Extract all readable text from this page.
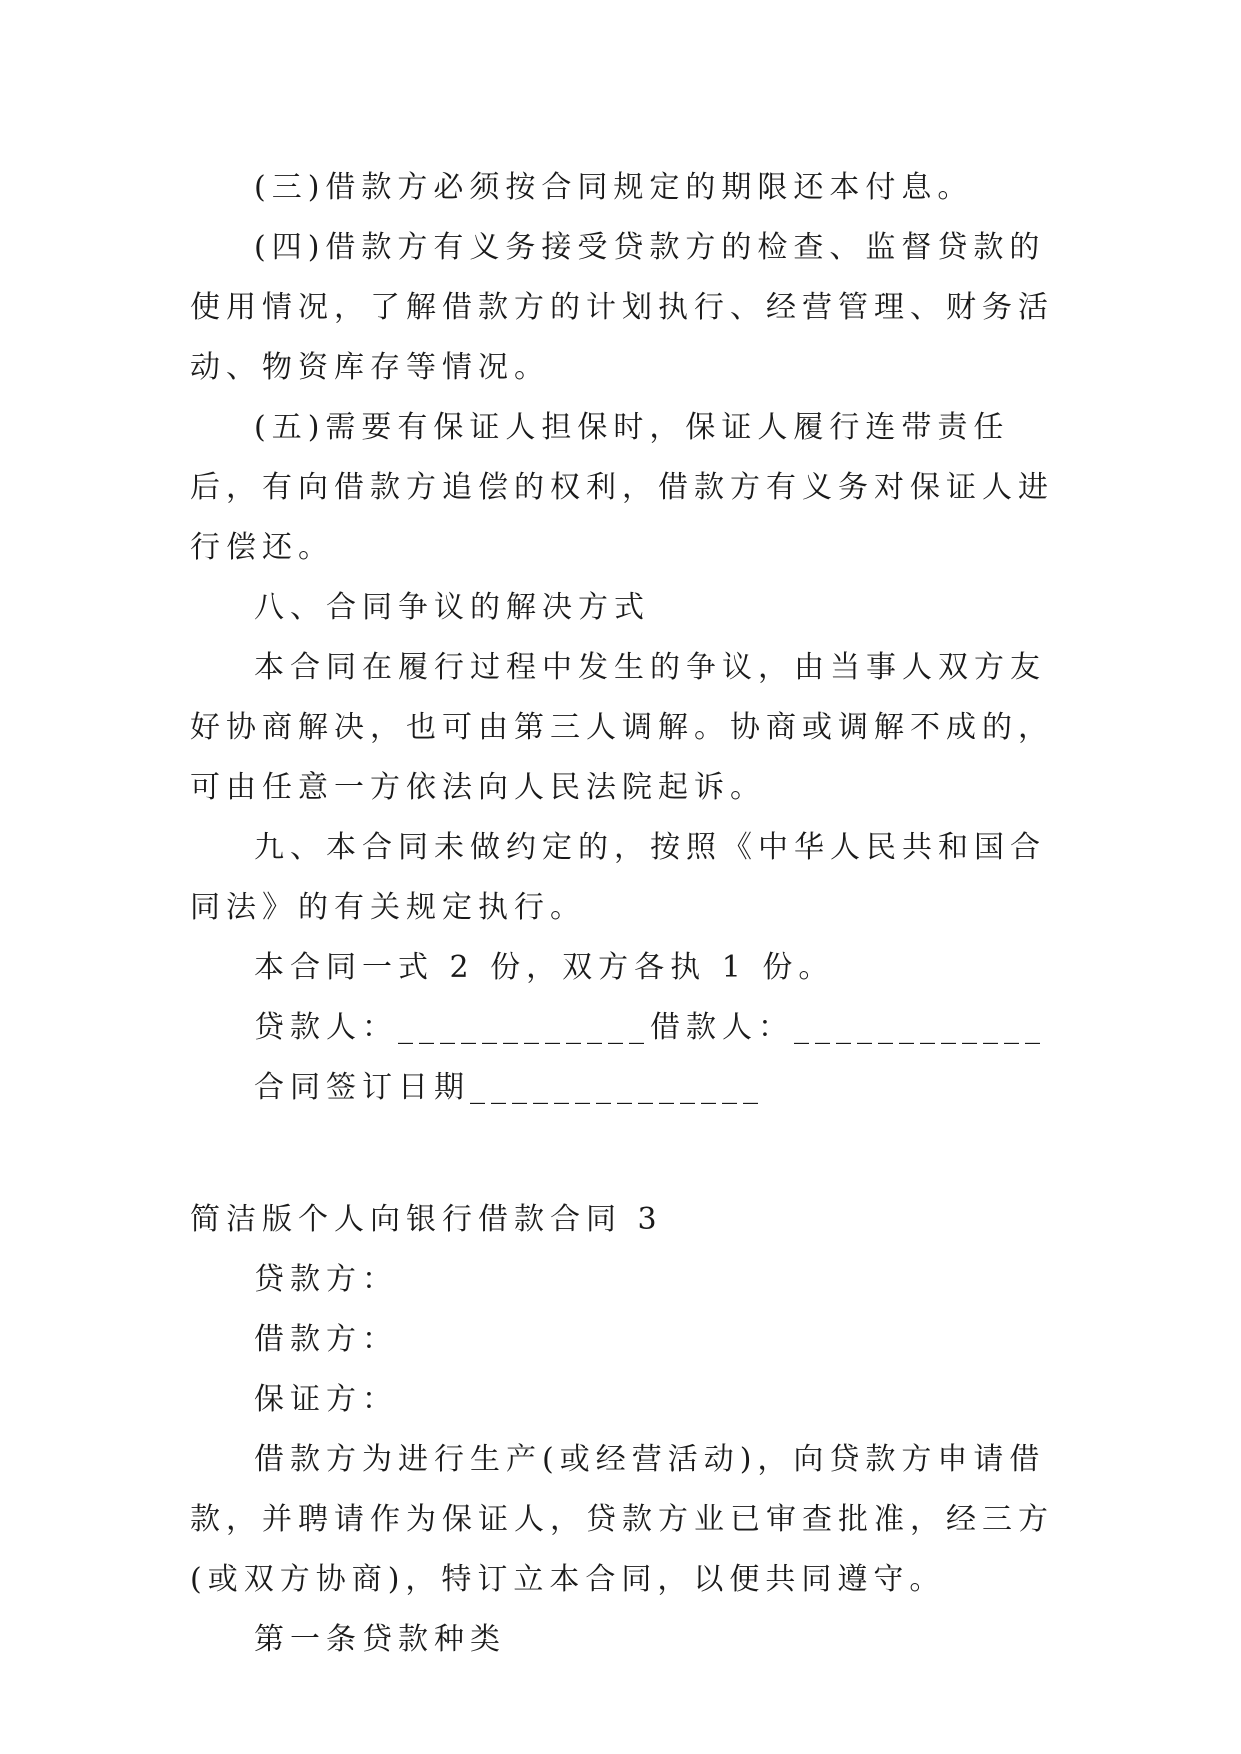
(三)借款方必须按合同规定的期限还本付息。

(四)借款方有义务接受贷款方的检查、监督贷款的使用情况，了解借款方的计划执行、经营管理、财务活动、物资库存等情况。

(五)需要有保证人担保时，保证人履行连带责任后，有向借款方追偿的权利，借款方有义务对保证人进行偿还。

八、合同争议的解决方式

本合同在履行过程中发生的争议，由当事人双方友好协商解决，也可由第三人调解。协商或调解不成的，可由任意一方依法向人民法院起诉。

九、本合同未做约定的，按照《中华人民共和国合同法》的有关规定执行。

本合同一式 2 份，双方各执 1 份。

贷款人：____________借款人：____________

合同签订日期______________

简洁版个人向银行借款合同 3

贷款方：

借款方：

保证方：

借款方为进行生产(或经营活动)，向贷款方申请借款，并聘请作为保证人，贷款方业已审查批准，经三方(或双方协商)，特订立本合同，以便共同遵守。

第一条贷款种类
